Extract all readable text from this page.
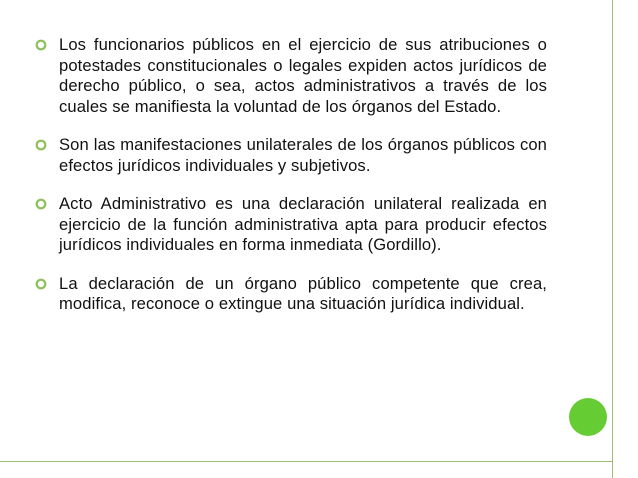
Los funcionarios públicos en el ejercicio de sus atribuciones o potestades constitucionales o legales expiden actos jurídicos de derecho público, o sea, actos administrativos a través de los cuales se manifiesta la voluntad de los órganos del Estado.
Son las manifestaciones unilaterales de los órganos públicos con efectos jurídicos individuales y subjetivos.
Acto Administrativo es una declaración unilateral realizada en ejercicio de la función administrativa apta para producir efectos jurídicos individuales en forma inmediata (Gordillo).
La declaración de un órgano público competente que crea, modifica, reconoce o extingue una situación jurídica individual.
